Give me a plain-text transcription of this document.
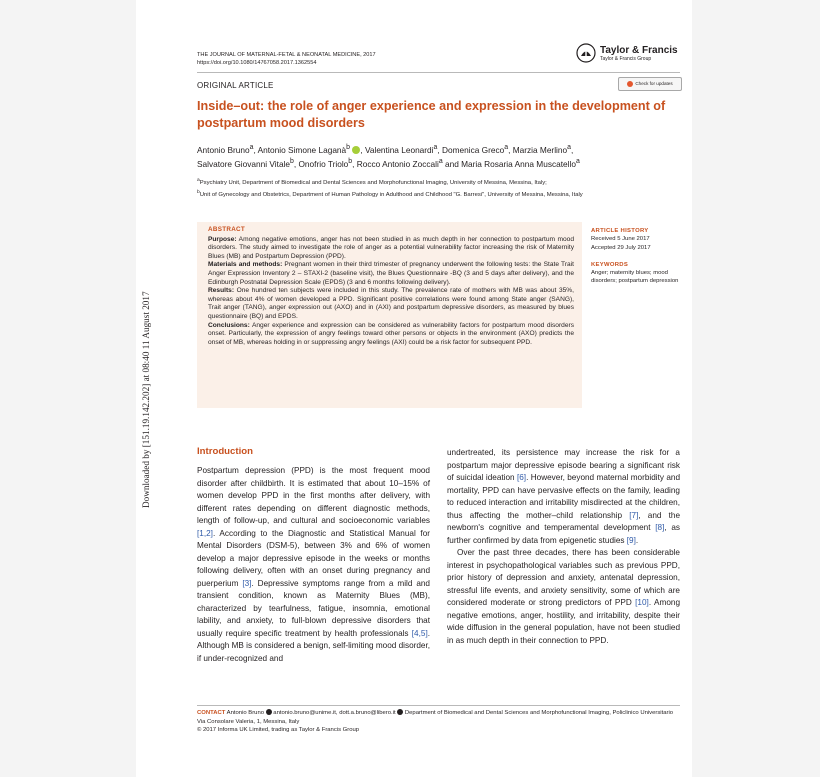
Downloaded by [151.19.142.202] at 08:40 11 August 2017
THE JOURNAL OF MATERNAL-FETAL & NEONATAL MEDICINE, 2017
https://doi.org/10.1080/14767058.2017.1362554
Taylor & Francis
Taylor & Francis Group
ORIGINAL ARTICLE	Check for updates
Inside–out: the role of anger experience and expression in the development of postpartum mood disorders
Antonio Bruno$^a$, Antonio Simone Laganà$^b$ , Valentina Leonardi$^a$, Domenica Greco$^a$, Marzia Merlino$^a$,
Salvatore Giovanni Vitale$^b$, Onofrio Triolo$^b$, Rocco Antonio Zoccali$^a$ and Maria Rosaria Anna Muscatello$^a$
$^a$Psychiatry Unit, Department of Biomedical and Dental Sciences and Morphofunctional Imaging, University of Messina, Messina, Italy;
$^b$Unit of Gynecology and Obstetrics, Department of Human Pathology in Adulthood and Childhood "G. Barresi", University of Messina, Messina, Italy
ABSTRACT
Purpose: Among negative emotions, anger has not been studied in as much depth in her connection to postpartum mood disorders. The study aimed to investigate the role of anger as a potential vulnerability factor increasing the risk of Maternity Blues (MB) and Postpartum Depression (PPD).
Materials and methods: Pregnant women in their third trimester of pregnancy underwent the following tests: the State Trait Anger Expression Inventory 2 – STAXI-2 (baseline visit), the Blues Questionnaire -BQ (3 and 5 days after delivery), and the Edinburgh Postnatal Depression Scale (EPDS) (3 and 6 months following delivery).
Results: One hundred ten subjects were included in this study. The prevalence rate of mothers with MB was about 35%, whereas about 4% of women developed a PPD. Significant positive correlations were found among State anger (SANG), Trait anger (TANG), anger expression out (AXO) and in (AXI) and postpartum depressive disorders, as measured by blues questionnaire (BQ) and EPDS.
Conclusions: Anger experience and expression can be considered as vulnerability factors for postpartum mood disorders onset. Particularly, the expression of angry feelings toward other persons or objects in the environment (AXO) predicts the onset of MB, whereas holding in or suppressing angry feelings (AXI) could be a risk factor for subsequent PPD.
ARTICLE HISTORY
Received 5 June 2017
Accepted 29 July 2017
KEYWORDS
Anger; maternity blues; mood disorders; postpartum depression
Introduction

Postpartum depression (PPD) is the most frequent mood disorder after childbirth. It is estimated that about 10–15% of women develop PPD in the first months after delivery, with different rates depending on different diagnostic methods, length of follow-up, and cultural and socioeconomic variables [1,2]. According to the Diagnostic and Statistical Manual for Mental Disorders (DSM-5), between 3% and 6% of women develop a major depressive episode in the weeks or months following delivery, often with an onset during pregnancy and puerperium [3]. Depressive symptoms range from a mild and transient condition, known as Maternity Blues (MB), characterized by tearfulness, fatigue, insomnia, emotional lability, and anxiety, to full-blown depressive disorders that usually require specific treatment by health professionals [4,5]. Although MB is considered a benign, self-limiting mood disorder, if under-recognized and

undertreated, its persistence may increase the risk for a postpartum major depressive episode bearing a significant risk of suicidal ideation [6]. However, beyond maternal morbidity and mortality, PPD can have pervasive effects on the family, leading to reduced interaction and irritability misdirected at the children, thus affecting the mother–child relationship [7], and the newborn's cognitive and temperamental development [8], as further confirmed by data from epigenetic studies [9].

Over the past three decades, there has been considerable interest in psychopathological variables such as previous PPD, prior history of depression and anxiety, antenatal depression, stressful life events, and anxiety sensitivity, some of which are considered moderate or strong predictors of PPD [10]. Among negative emotions, anger, hostility, and irritability, despite their wide diffusion in the general population, have not been studied in as much depth in their connection to PPD.

CONTACT Antonio Bruno  antonio.bruno@unime.it, dott.a.bruno@libero.it  Department of Biomedical and Dental Sciences and Morphofunctional Imaging, Policlinico Universitario Via Consolare Valeria, 1, Messina, Italy
© 2017 Informa UK Limited, trading as Taylor & Francis Group
